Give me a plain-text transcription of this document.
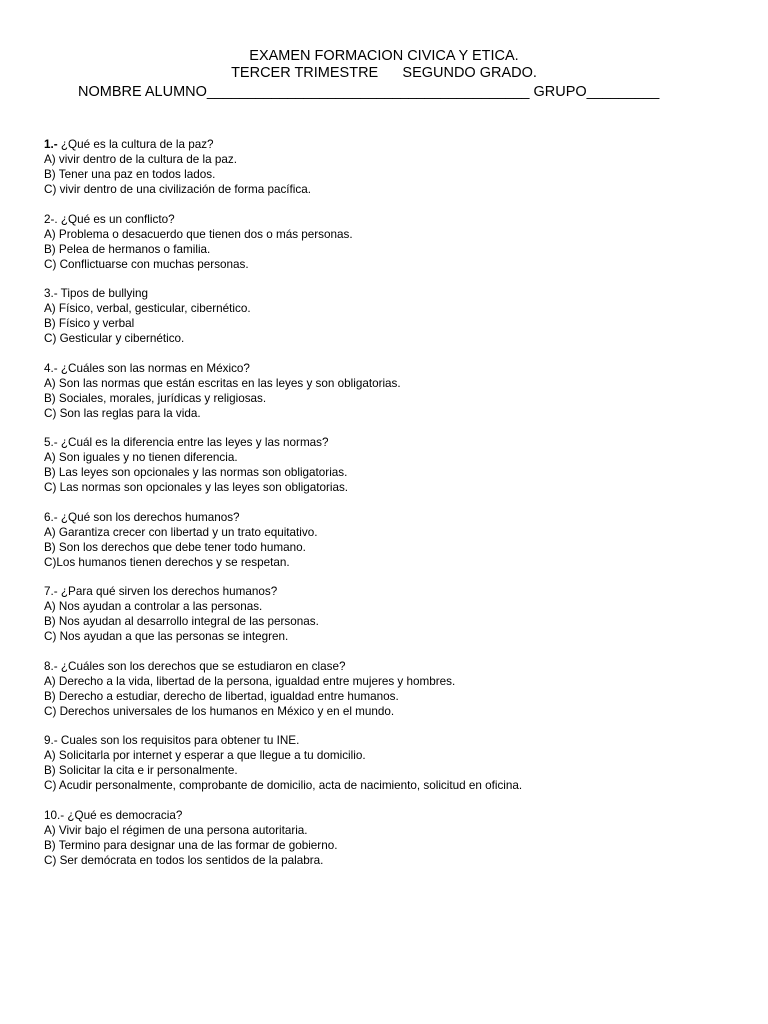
EXAMEN FORMACION CIVICA Y ETICA.
TERCER TRIMESTRE      SEGUNDO GRADO.
NOMBRE ALUMNO________________________________________ GRUPO_________
1.- ¿Qué es la cultura de la paz?
A) vivir dentro de la cultura de la paz.
B) Tener una paz en todos lados.
C) vivir dentro de una civilización de forma pacífica.
2-. ¿Qué es un conflicto?
A) Problema o desacuerdo que tienen dos o más personas.
B) Pelea de hermanos o familia.
C) Conflictuarse con muchas personas.
3.- Tipos de bullying
A) Físico, verbal, gesticular, cibernético.
B) Físico y verbal
C) Gesticular y cibernético.
4.- ¿Cuáles son las normas en México?
A) Son las normas que están escritas en las leyes y son obligatorias.
B) Sociales, morales, jurídicas y religiosas.
C) Son las reglas para la vida.
5.- ¿Cuál es la diferencia entre las leyes y las normas?
A) Son iguales y no tienen diferencia.
B) Las leyes son opcionales y las normas son obligatorias.
C) Las normas son opcionales y las leyes son obligatorias.
6.- ¿Qué son los derechos humanos?
A) Garantiza crecer con libertad y un trato equitativo.
B) Son los derechos que debe tener todo humano.
C)Los humanos tienen derechos y se respetan.
7.- ¿Para qué sirven los derechos humanos?
A) Nos ayudan a controlar a las personas.
B) Nos ayudan al desarrollo integral de las personas.
C) Nos ayudan a que las personas se integren.
8.- ¿Cuáles son los derechos que se estudiaron en clase?
A) Derecho a la vida, libertad de la persona, igualdad entre mujeres y hombres.
B) Derecho a estudiar, derecho de libertad, igualdad entre humanos.
C) Derechos universales de los humanos en México y en el mundo.
9.- Cuales son los requisitos para obtener tu INE.
A) Solicitarla por internet y esperar a que llegue a tu domicilio.
B) Solicitar la cita e ir personalmente.
C) Acudir personalmente, comprobante de domicilio, acta de nacimiento, solicitud en oficina.
10.- ¿Qué es democracia?
A) Vivir bajo el régimen de una persona autoritaria.
B) Termino para designar una de las formar de gobierno.
C) Ser demócrata en todos los sentidos de la palabra.
